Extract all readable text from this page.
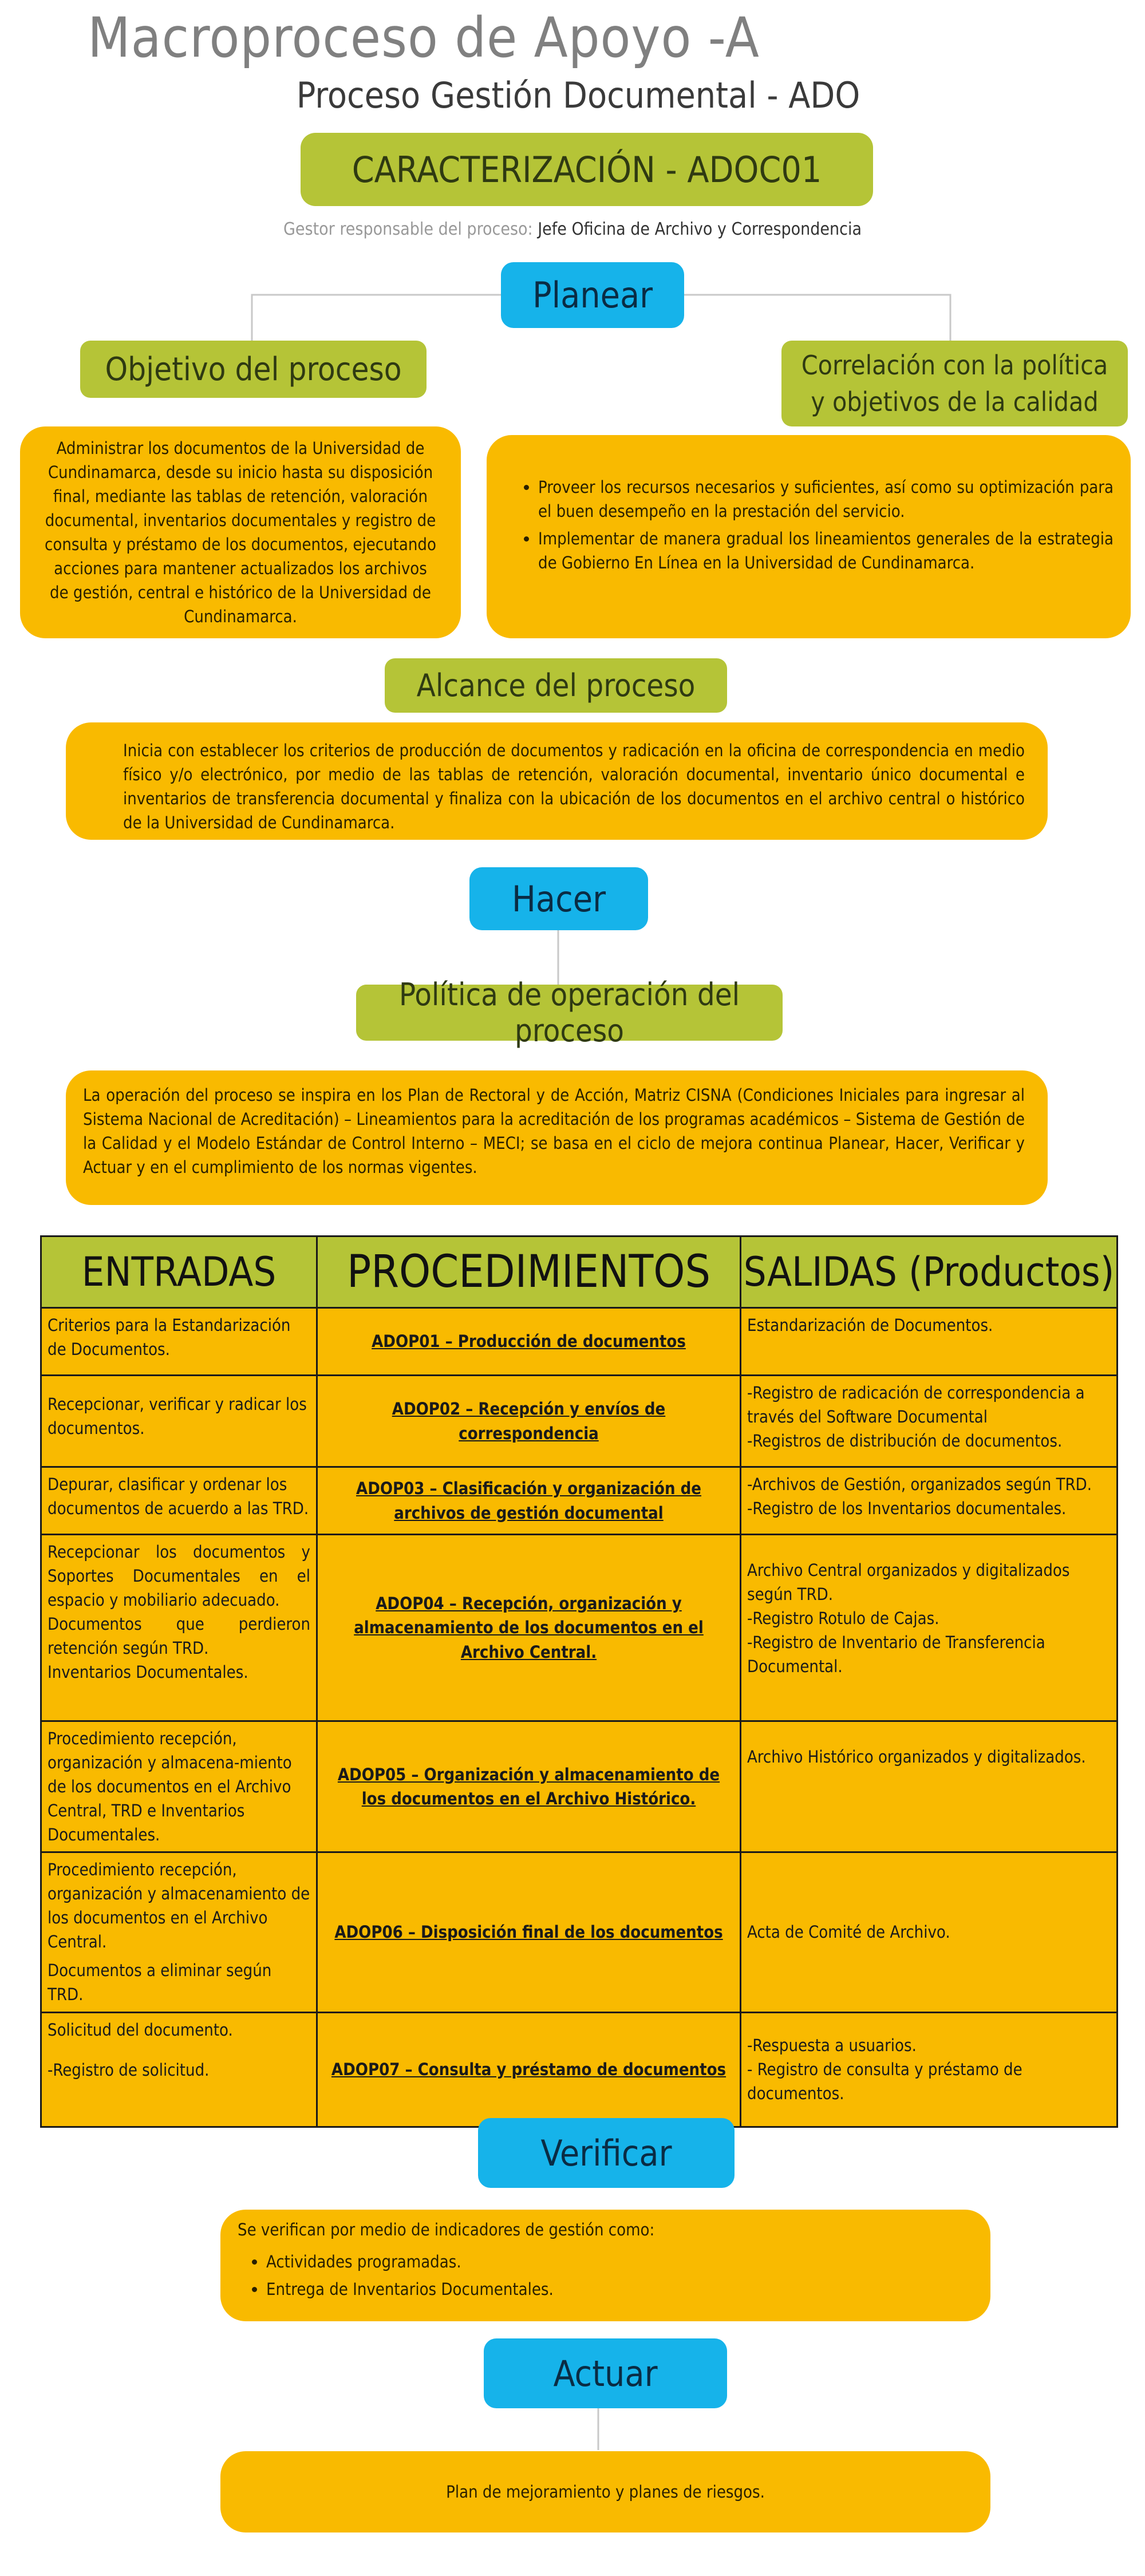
Macroproceso de Apoyo -A
Proceso Gestión Documental - ADO
CARACTERIZACIÓN - ADOC01
Gestor responsable del proceso: Jefe Oficina de Archivo y Correspondencia
Planear
Objetivo del proceso
Administrar los documentos de la Universidad de Cundinamarca, desde su inicio hasta su disposición final, mediante las tablas de retención, valoración documental, inventarios documentales y registro de consulta y préstamo de los documentos, ejecutando acciones para mantener actualizados los archivos de gestión, central e histórico de la Universidad de Cundinamarca.
Correlación con la política
y objetivos de la calidad
• Proveer los recursos necesarios y suficientes, así como su optimización para el buen desempeño en la prestación del servicio.
• Implementar de manera gradual los lineamientos generales de la estrategia de Gobierno En Línea en la Universidad de Cundinamarca.
Alcance del proceso
Inicia con establecer los criterios de producción de documentos y radicación en la oficina de correspondencia en medio físico y/o electrónico, por medio de las tablas de retención, valoración documental, inventario único documental e inventarios de transferencia documental y finaliza con la ubicación de los documentos en el archivo central o histórico de la Universidad de Cundinamarca.
Hacer
Política de operación del proceso
La operación del proceso se inspira en los Plan de Rectoral y de Acción, Matriz CISNA (Condiciones Iniciales para ingresar al Sistema Nacional de Acreditación) – Lineamientos para la acreditación de los programas académicos – Sistema de Gestión de la Calidad y el Modelo Estándar de Control Interno – MECI; se basa en el ciclo de mejora continua Planear, Hacer, Verificar y Actuar y en el cumplimiento de los normas vigentes.
ENTRADAS	PROCEDIMIENTOS	SALIDAS (Productos)

Criterios para la Estandarización de Documentos.	ADOP01 – Producción de documentos	Estandarización de Documentos.

Recepcionar, verificar y radicar los documentos.	ADOP02 – Recepción y envíos de correspondencia	-Registro de radicación de correspondencia a través del Software Documental
-Registros de distribución de documentos.

Depurar, clasificar y ordenar los documentos de acuerdo a las TRD.	ADOP03 – Clasificación y organización de archivos de gestión documental	-Archivos de Gestión, organizados según TRD.
-Registro de los Inventarios documentales.

Recepcionar los documentos y Soportes Documentales en el espacio y mobiliario adecuado.
Documentos que perdieron retención según TRD.
Inventarios Documentales.	ADOP04 – Recepción, organización y almacenamiento de los documentos en el Archivo Central.	Archivo Central organizados y digitalizados según TRD.
-Registro Rotulo de Cajas.
-Registro de Inventario de Transferencia Documental.

Procedimiento recepción, organización y almacena-miento de los documentos en el Archivo Central, TRD e Inventarios Documentales.	ADOP05 – Organización y almacenamiento de los documentos en el Archivo Histórico.	Archivo Histórico organizados y digitalizados.

Procedimiento recepción, organización y almacenamiento de los documentos en el Archivo Central.
Documentos a eliminar según TRD.	ADOP06 – Disposición final de los documentos	Acta de Comité de Archivo.

Solicitud del documento.
-Registro de solicitud.	ADOP07 – Consulta y préstamo de documentos	-Respuesta a usuarios.
- Registro de consulta y préstamo de documentos.
Verificar
Se verifican por medio de indicadores de gestión como:
• Actividades programadas.
• Entrega de Inventarios Documentales.
Actuar
Plan de mejoramiento y planes de riesgos.
